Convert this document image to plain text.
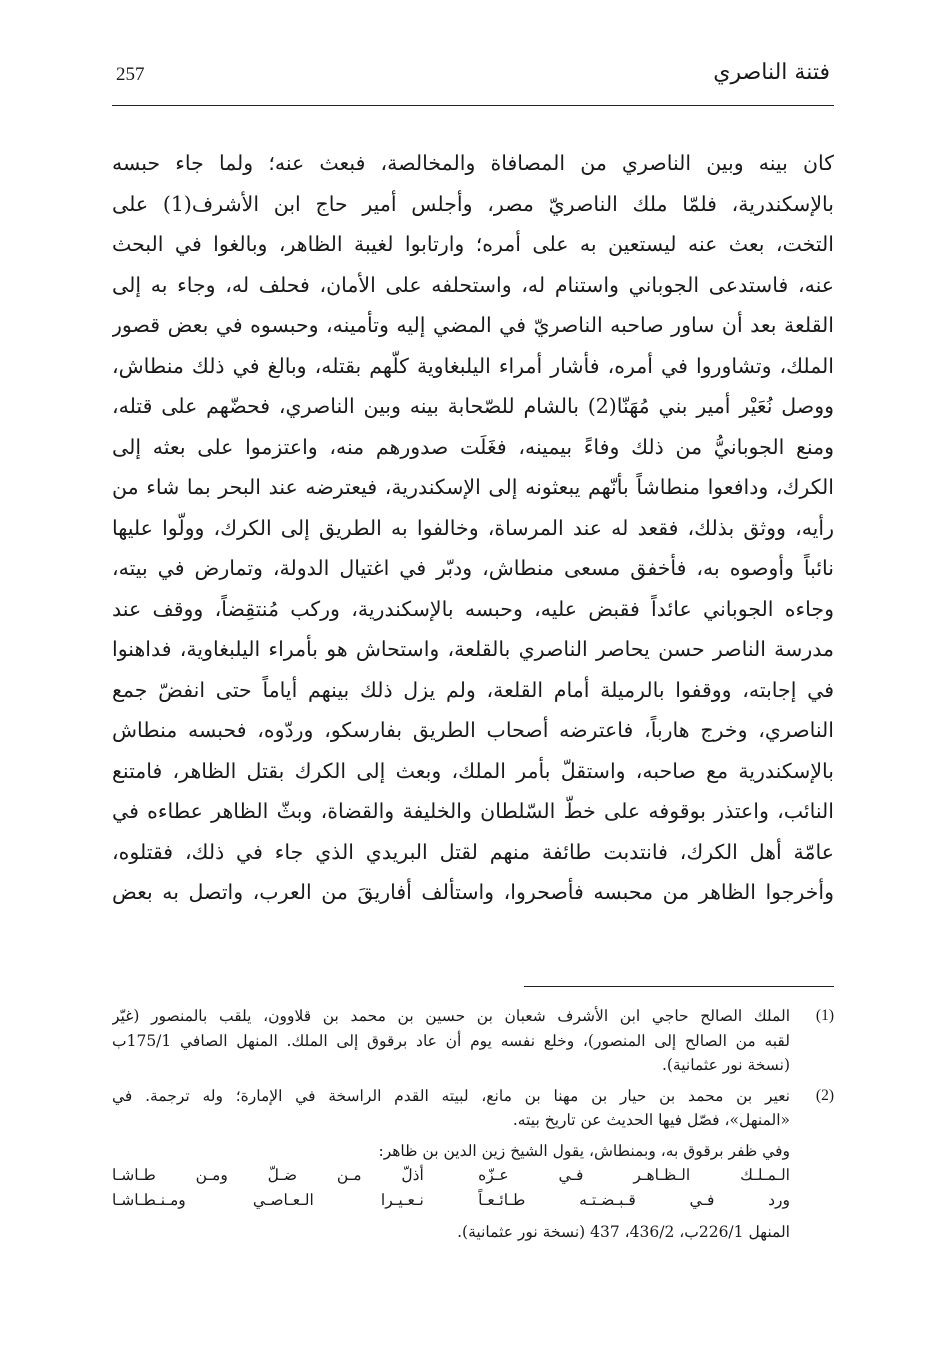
257	فتنة الناصري
كان بينه وبين الناصري من المصافاة والمخالصة، فبعث عنه؛ ولما جاء حبسه
بالإسكندرية، فلمّا ملك الناصريّ مصر، وأجلس أمير حاج ابن الأشرف(1) على
التخت، بعث عنه ليستعين به على أمره؛ وارتابوا لغيبة الظاهر، وبالغوا في البحث
عنه، فاستدعى الجوباني واستنام له، واستحلفه على الأمان، فحلف له، وجاء به إلى
القلعة بعد أن ساور صاحبه الناصريّ في المضي إليه وتأمينه، وحبسوه في بعض قصور
الملك، وتشاوروا في أمره، فأشار أمراء اليلبغاوية كلّهم بقتله، وبالغ في ذلك منطاش،
ووصل نُعَيْر أمير بني مُهَنّا(2) بالشام للصّحابة بينه وبين الناصري، فحضّهم على قتله،
ومنع الجوبانيُّ من ذلك وفاءً بيمينه، فغَلَت صدورهم منه، واعتزموا على بعثه إلى
الكرك، ودافعوا منطاشاً بأنّهم يبعثونه إلى الإسكندرية، فيعترضه عند البحر بما شاء من
رأيه، ووثق بذلك، فقعد له عند المرساة، وخالفوا به الطريق إلى الكرك، وولّوا عليها
نائباً وأوصوه به، فأخفق مسعى منطاش، ودبّر في اغتيال الدولة، وتمارض في بيته،
وجاءه الجوباني عائداً فقبض عليه، وحبسه بالإسكندرية، وركب مُنتقِضاً، ووقف عند
مدرسة الناصر حسن يحاصر الناصري بالقلعة، واستحاش هو بأمراء اليلبغاوية، فداهنوا
في إجابته، ووقفوا بالرميلة أمام القلعة، ولم يزل ذلك بينهم أياماً حتى انفضّ جمع
الناصري، وخرج هارباً، فاعترضه أصحاب الطريق بفارسكو، وردّوه، فحبسه منطاش
بالإسكندرية مع صاحبه، واستقلّ بأمر الملك، وبعث إلى الكرك بقتل الظاهر، فامتنع
النائب، واعتذر بوقوفه على خطّ السّلطان والخليفة والقضاة، وبثّ الظاهر عطاءه في
عامّة أهل الكرك، فانتدبت طائفة منهم لقتل البريدي الذي جاء في ذلك، فقتلوه،
وأخرجوا الظاهر من محبسه فأصحروا، واستألف أفاريقَ من العرب، واتصل به بعض
(1)
الملك الصالح حاجي ابن الأشرف شعبان بن حسين بن محمد بن قلاوون، يلقب بالمنصور (غيّر
لقبه من الصالح إلى المنصور)، وخلع نفسه يوم أن عاد برقوق إلى الملك. المنهل الصافي 175/1ب
(نسخة نور عثمانية).
(2)
نعير بن محمد بن حيار بن مهنا بن مانع، لبيته القدم الراسخة في الإمارة؛ وله ترجمة. في
«المنهل»، فصّل فيها الحديث عن تاريخ بيته.
وفي ظفر برقوق به، وبمنطاش، يقول الشيخ زين الدين بن ظاهر:
الـمـلـك الـظـاهـر فـي عـزّه
أذلّ مـن ضـلّ ومـن طـاشـا
ورد فـي قـبـضـتـه طـائـعـاً
نـعـيـرا الـعـاصـي ومـنـطـاشـا
المنهل 226/1ب، 436/2، 437 (نسخة نور عثمانية).
